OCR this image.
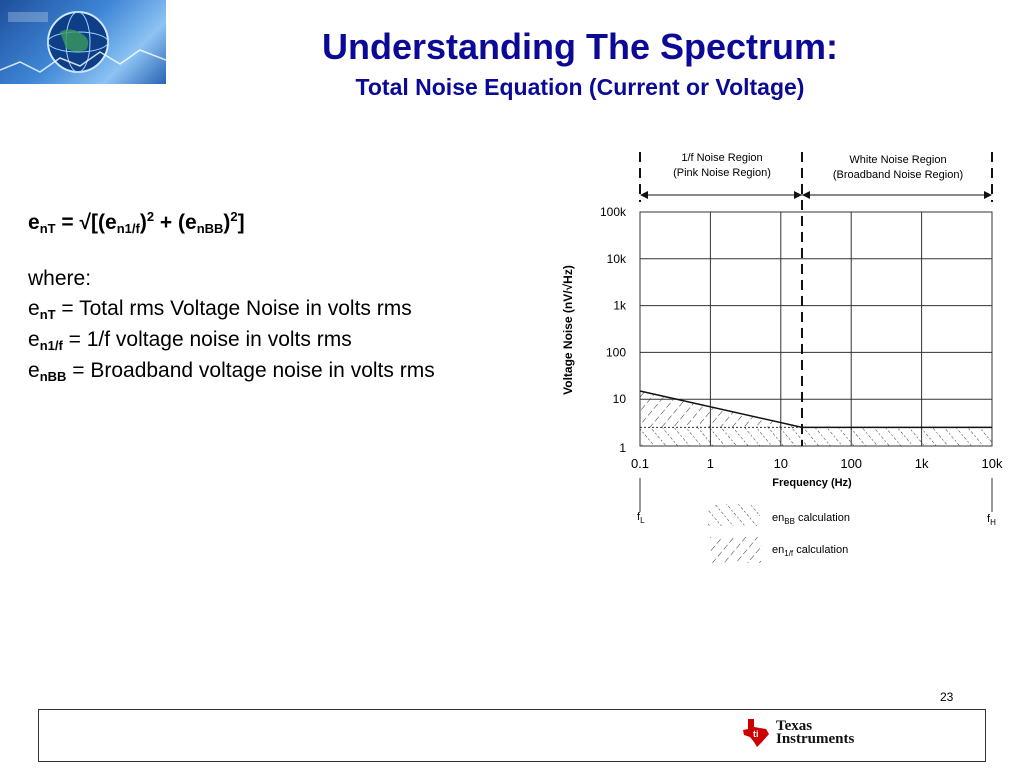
Understanding The Spectrum:
Total Noise Equation (Current or Voltage)
$e_{nT} = √[(e_{n1/f})^2 + (e_{nBB})^2]$
where:
$e_{nT}$ = Total rms Voltage Noise in volts rms
$e_{n1/f} = 1/f$ voltage noise in volts rms
$e_{nBB}$ = Broadband voltage noise in volts rms
0.1	1	10	100	1k	10k
1
10
100
1k
10k
100k
1/f Noise Region
(Pink Noise Region)
White Noise Region
(Broadband Noise Region)
Frequency (Hz)
Voltage Noise (nV/√Hz)
$f_L$	$f_H$
$en_{BB}$ calculation
$en_{1/f}$ calculation
23
ti Texas
Instruments
